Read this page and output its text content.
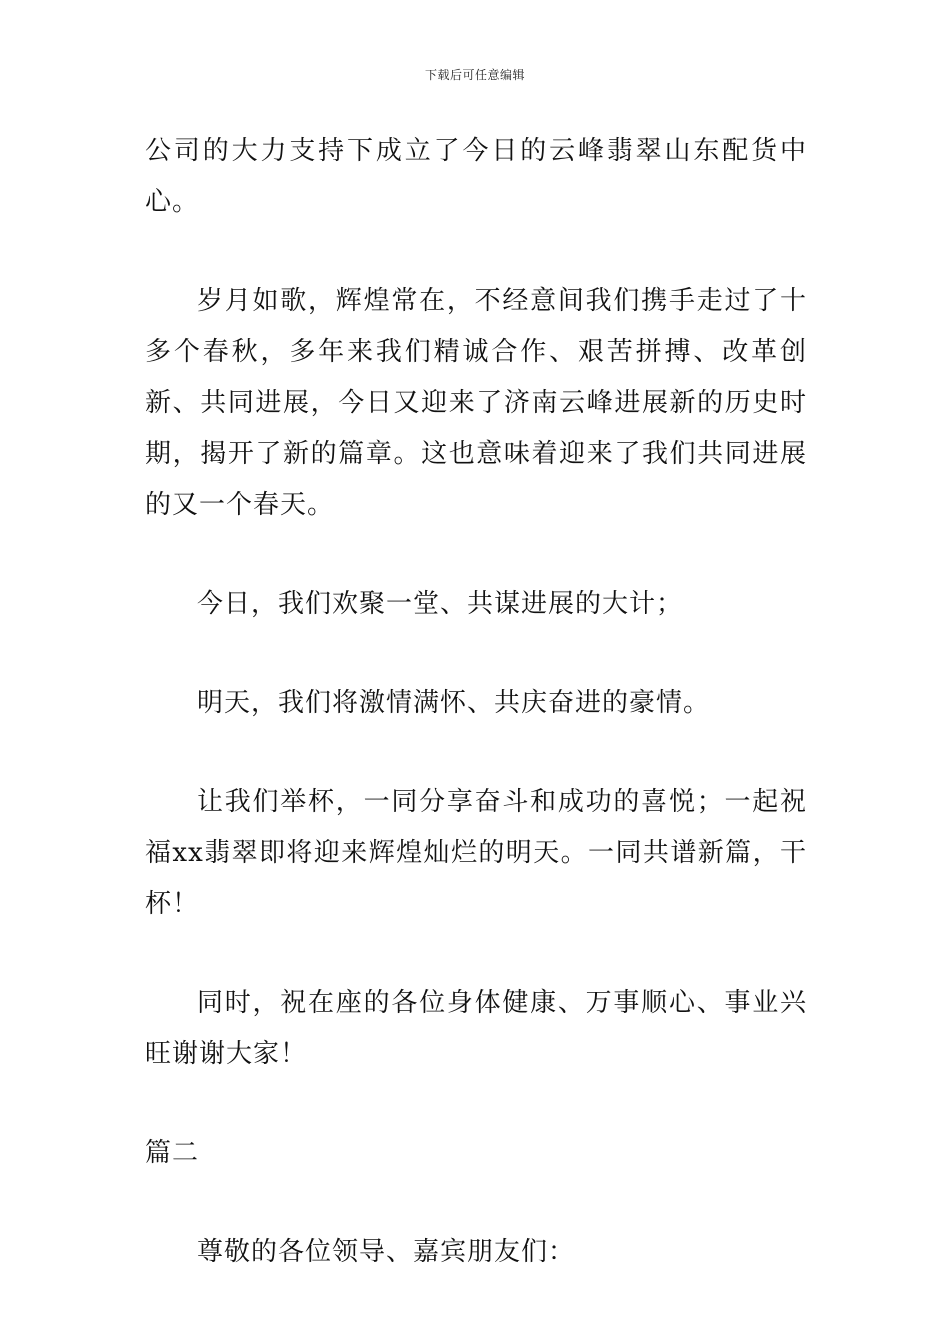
下载后可任意编辑

公司的大力支持下成立了今日的云峰翡翠山东配货中心。

岁月如歌，辉煌常在，不经意间我们携手走过了十多个春秋，多年来我们精诚合作、艰苦拼搏、改革创新、共同进展，今日又迎来了济南云峰进展新的历史时期，揭开了新的篇章。这也意味着迎来了我们共同进展的又一个春天。

今日，我们欢聚一堂、共谋进展的大计；

明天，我们将激情满怀、共庆奋进的豪情。

让我们举杯，一同分享奋斗和成功的喜悦；一起祝福xx翡翠即将迎来辉煌灿烂的明天。一同共谱新篇，干杯！

同时，祝在座的各位身体健康、万事顺心、事业兴旺谢谢大家！

篇二

尊敬的各位领导、嘉宾朋友们：
